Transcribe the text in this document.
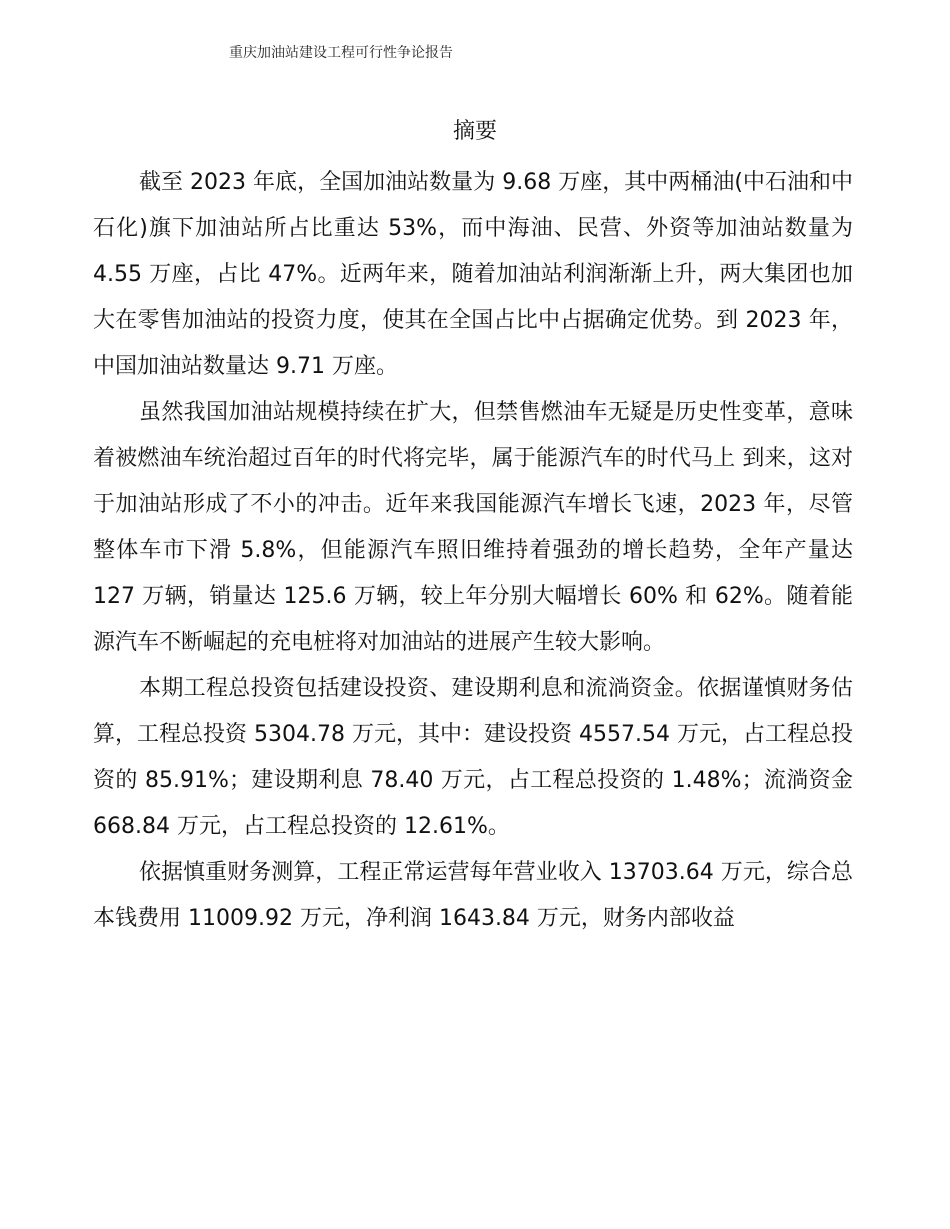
重庆加油站建设工程可行性争论报告
摘要

截至 2023 年底，全国加油站数量为 9.68 万座，其中两桶油(中石油和中石化)旗下加油站所占比重达 53%，而中海油、民营、外资等加油站数量为 4.55 万座，占比 47%。近两年来，随着加油站利润渐渐上升，两大集团也加大在零售加油站的投资力度，使其在全国占比中占据确定优势。到 2023 年，中国加油站数量达 9.71 万座。

虽然我国加油站规模持续在扩大，但禁售燃油车无疑是历史性变革，意味着被燃油车统治超过百年的时代将完毕，属于能源汽车的时代马上 到来，这对于加油站形成了不小的冲击。近年来我国能源汽车增长飞速，2023 年，尽管整体车市下滑 5.8%，但能源汽车照旧维持着强劲的增长趋势，全年产量达 127 万辆，销量达 125.6 万辆，较上年分别大幅增长 60% 和 62%。随着能源汽车不断崛起的充电桩将对加油站的进展产生较大影响。

本期工程总投资包括建设投资、建设期利息和流淌资金。依据谨慎财务估算，工程总投资 5304.78 万元，其中：建设投资 4557.54 万元，占工程总投资的 85.91%；建设期利息 78.40 万元，占工程总投资的 1.48%；流淌资金 668.84 万元，占工程总投资的 12.61%。

依据慎重财务测算，工程正常运营每年营业收入 13703.64 万元，综合总本钱费用 11009.92 万元，净利润 1643.84 万元，财务内部收益
